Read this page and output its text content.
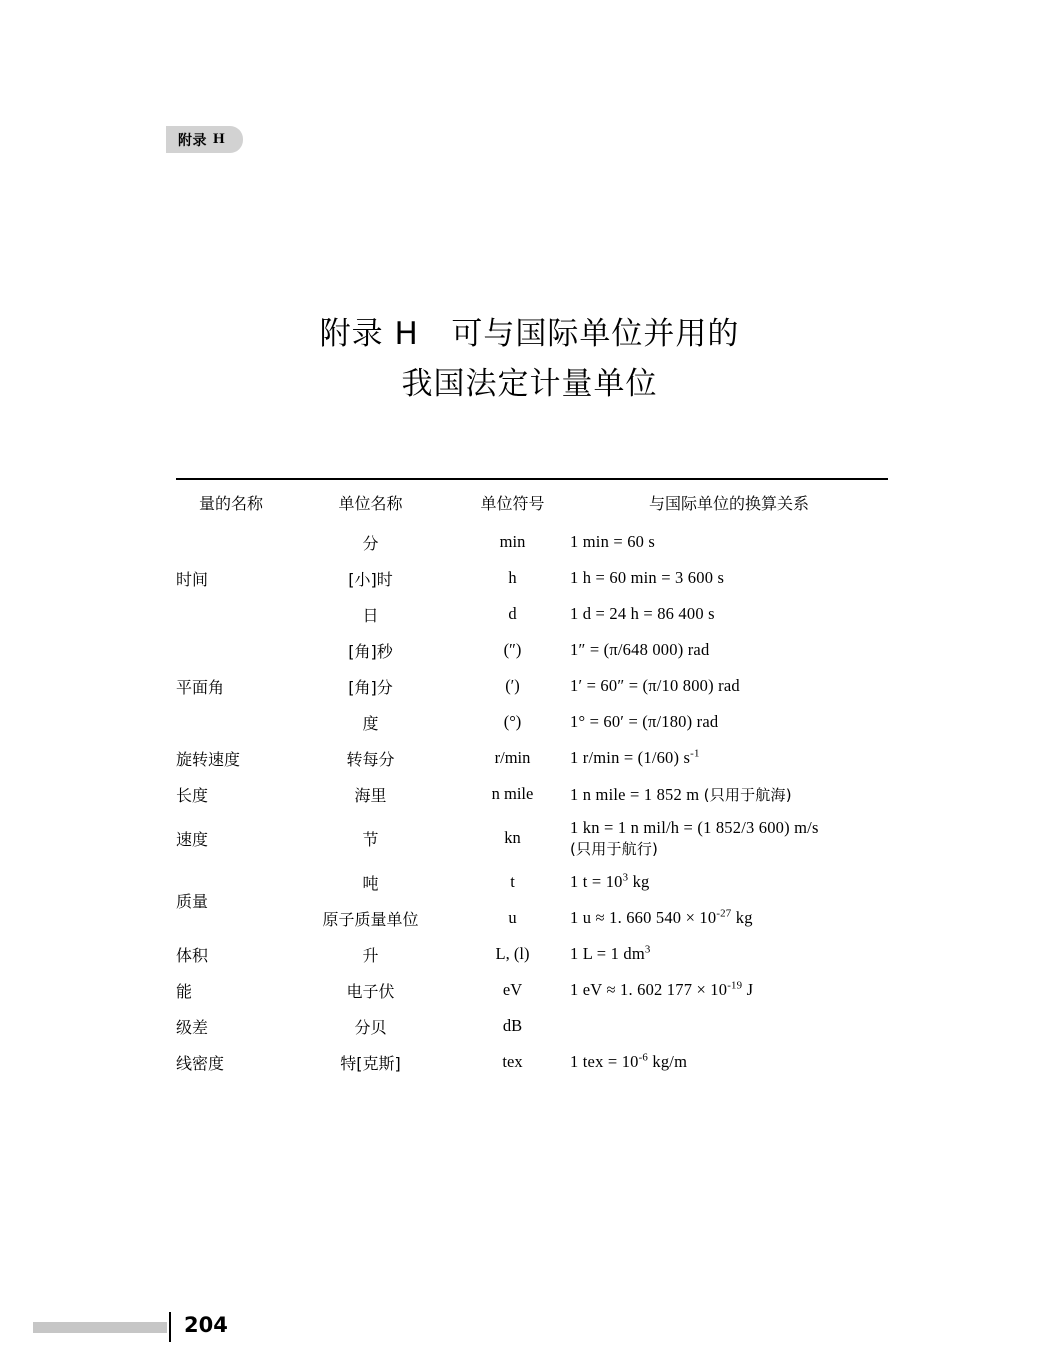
附录 H
附录 H   可与国际单位并用的
我国法定计量单位
量的名称	单位名称	单位符号	与国际单位的换算关系
时间	分	min	1 min = 60 s
	[小]时	h	1 h = 60 min = 3 600 s
	日	d	1 d = 24 h = 86 400 s
平面角	[角]秒	(″)	1″ = (π/648 000) rad
	[角]分	(′)	1′ = 60″ = (π/10 800) rad
	度	(°)	1° = 60′ = (π/180) rad
旋转速度	转每分	r/min	1 r/min = (1/60) $s^{-1}$
长度	海里	n mile	1 n mile = 1 852 m (只用于航海)
速度	节	kn	1 kn = 1 n mil/h = (1 852/3 600) m/s
(只用于航行)

质量	吨	t	1 $t = 10^3$ kg
	原子质量单位	u	1 u ≈ 1. 660 $540 \times 10^{-27}$ kg
体积	升	L, (l)	1 L = 1 $dm^3$
能	电子伏	eV	1 eV ≈ 1. 602 $177 \times 10^{-19}$ J
级差	分贝	dB	
线密度	特[克斯]	tex	1 tex = $10^{-6}$ kg/m
204
